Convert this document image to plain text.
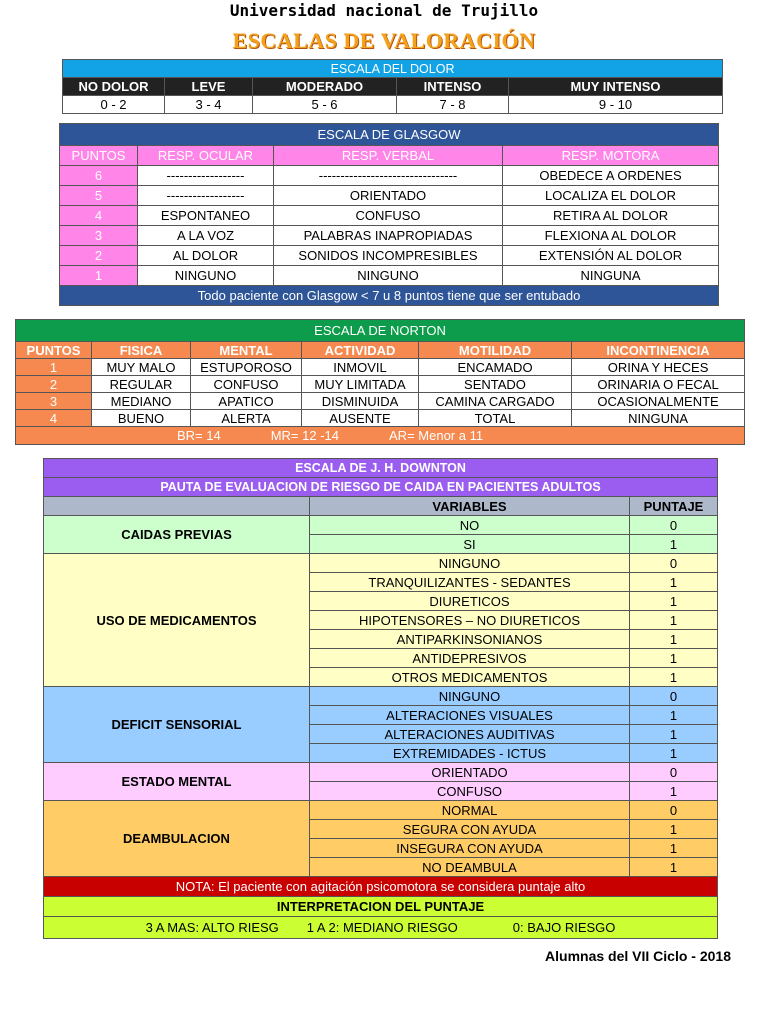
Universidad nacional de Trujillo
ESCALAS DE VALORACIÓN
ESCALA DEL DOLOR				
NO DOLOR	LEVE	MODERADO	INTENSO	MUY INTENSO
0 - 2	3 - 4	5 - 6	7 - 8	9 - 10
ESCALA DE GLASGOW			
PUNTOS	RESP. OCULAR	RESP. VERBAL	RESP. MOTORA
6	------------------	--------------------------------	OBEDECE A ORDENES
5	------------------	ORIENTADO	LOCALIZA EL DOLOR
4	ESPONTANEO	CONFUSO	RETIRA AL DOLOR
3	A LA VOZ	PALABRAS INAPROPIADAS	FLEXIONA AL DOLOR
2	AL DOLOR	SONIDOS INCOMPRESIBLES	EXTENSIÓN AL DOLOR
1	NINGUNO	NINGUNO	NINGUNA
Todo paciente con Glasgow < 7 u 8 puntos tiene que ser entubado			
ESCALA DE NORTON					
PUNTOS	FISICA	MENTAL	ACTIVIDAD	MOTILIDAD	INCONTINENCIA
1	MUY MALO	ESTUPOROSO	INMOVIL	ENCAMADO	ORINA Y HECES
2	REGULAR	CONFUSO	MUY LIMITADA	SENTADO	ORINARIA O FECAL
3	MEDIANO	APATICO	DISMINUIDA	CAMINA CARGADO	OCASIONALMENTE
4	BUENO	ALERTA	AUSENTE	TOTAL	NINGUNA
BR= 14 MR= 12 -14 AR= Menor a 11					
ESCALA DE J. H. DOWNTON		
PAUTA DE EVALUACION DE RIESGO DE CAIDA EN PACIENTES ADULTOS		
	VARIABLES	PUNTAJE
CAIDAS PREVIAS	NO	0
	SI	1
USO DE MEDICAMENTOS	NINGUNO	0
	TRANQUILIZANTES - SEDANTES	1
	DIURETICOS	1
	HIPOTENSORES – NO DIURETICOS	1
	ANTIPARKINSONIANOS	1
	ANTIDEPRESIVOS	1
	OTROS MEDICAMENTOS	1
DEFICIT SENSORIAL	NINGUNO	0
	ALTERACIONES VISUALES	1
	ALTERACIONES AUDITIVAS	1
	EXTREMIDADES - ICTUS	1
ESTADO MENTAL	ORIENTADO	0
	CONFUSO	1
DEAMBULACION	NORMAL	0
	SEGURA CON AYUDA	1
	INSEGURA CON AYUDA	1
	NO DEAMBULA	1
NOTA: El paciente con agitación psicomotora se considera puntaje alto		
INTERPRETACION DEL PUNTAJE		
3 A MAS: ALTO RIESG 1 A 2: MEDIANO RIESGO 0: BAJO RIESGO		
Alumnas del VII Ciclo - 2018
